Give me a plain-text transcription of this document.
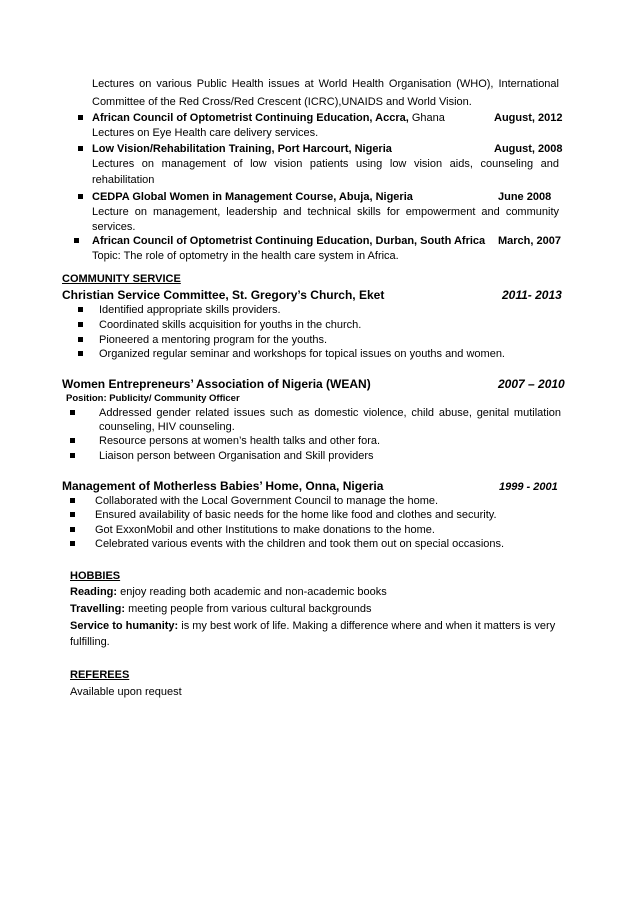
Lectures on various Public Health issues at World Health Organisation (WHO), International
Committee of the Red Cross/Red Crescent (ICRC),UNAIDS and World Vision.
African Council of Optometrist Continuing Education, Accra, Ghana	August, 2012
Lectures on Eye Health care delivery services.
Low Vision/Rehabilitation Training, Port Harcourt, Nigeria	August, 2008
Lectures on management of low vision patients using low vision aids, counseling and
rehabilitation
CEDPA Global Women in Management Course, Abuja, Nigeria	June 2008
Lecture on management, leadership and technical skills for empowerment and community
services.
African Council of Optometrist Continuing Education, Durban, South Africa March, 2007
Topic: The role of optometry in the health care system in Africa.
COMMUNITY SERVICE
Christian Service Committee, St. Gregory’s Church, Eket	2011- 2013
Identified appropriate skills providers.
Coordinated skills acquisition for youths in the church.
Pioneered a mentoring program for the youths.
Organized regular seminar and workshops for topical issues on youths and women.
Women Entrepreneurs’ Association of Nigeria (WEAN)	2007 – 2010
Position: Publicity/ Community Officer
Addressed gender related issues such as domestic violence, child abuse, genital mutilation
counseling, HIV counseling.
Resource persons at women’s health talks and other fora.
Liaison person between Organisation and Skill providers
Management of Motherless Babies’ Home, Onna, Nigeria	1999 - 2001
Collaborated with the Local Government Council to manage the home.
Ensured availability of basic needs for the home like food and clothes and security.
Got ExxonMobil and other Institutions to make donations to the home.
Celebrated various events with the children and took them out on special occasions.
HOBBIES
Reading: enjoy reading both academic and non-academic books
Travelling: meeting people from various cultural backgrounds
Service to humanity: is my best work of life. Making a difference where and when it matters is very
fulfilling.
REFEREES
Available upon request
